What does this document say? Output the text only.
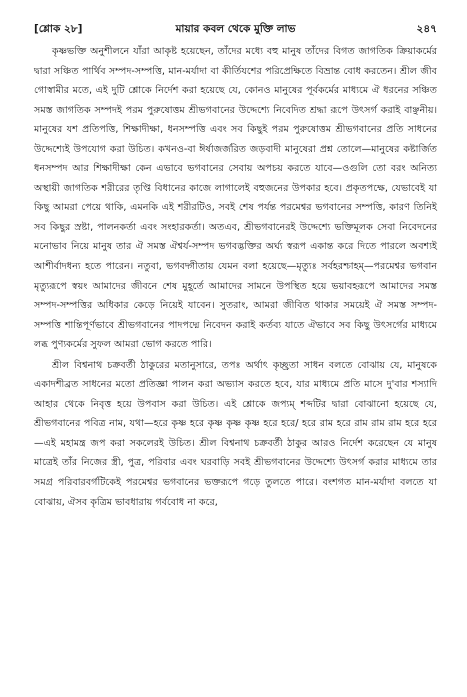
[শ্লোক ২৮]	মায়ার কবল থেকে মুক্তি লাভ	২৪৭

কৃষ্ণভক্তি অনুশীলনে যাঁরা আকৃষ্ট হয়েছেন, তাঁদের মধ্যে বহু মানুষ তাঁদের বিগত জাগতিক ক্রিয়াকর্মের দ্বারা সঞ্চিত পার্থিব সম্পদ-সম্পত্তি, মান-মর্যাদা বা কীর্তিযশের পরিপ্রেক্ষিতে বিভ্রান্ত বোধ করতেন। শ্রীল জীব গোস্বামীর মতে, এই দুটি শ্লোকে নির্দেশ করা হয়েছে যে, কোনও মানুষের পূর্বকর্মের মাধ্যমে ঐ ধরনের সঞ্চিত সমস্ত জাগতিক সম্পদই পরম পুরুষোত্তম শ্রীভগবানের উদ্দেশ্যে নিবেদিত শ্রদ্ধা রূপে উৎসর্গ করাই বাঞ্ছনীয়। মানুষের যশ প্রতিপত্তি, শিক্ষাদীক্ষা, ধনসম্পত্তি এবং সব কিছুই পরম পুরুষোত্তম শ্রীভগবানের প্রতি সাধনের উদ্দেশ্যেই উপযোগ করা উচিত। কখনও-বা ঈর্ষাজর্জরিত জড়বাদী মানুষেরা প্রশ্ন তোলে—মানুষের কষ্টার্জিত ধনসম্পদ আর শিক্ষাদীক্ষা কেন এভাবে ভগবানের সেবায় অপচয় করতে যাবে—ওগুলি তো বরং অনিত্য অস্থায়ী জাগতিক শরীরের তৃপ্তি বিধানের কাজে লাগালেই বহুজনের উপকার হবে। প্রকৃতপক্ষে, যেভাবেই যা কিছু আমরা পেয়ে থাকি, এমনকি এই শরীরটিও, সবই শেষ পর্যন্ত পরমেশ্বর ভগবানের সম্পত্তি, কারণ তিনিই সব কিছুর স্রষ্টা, পালনকর্তা এবং সংহারকর্তা। অতএব, শ্রীভগবানেরই উদ্দেশ্যে ভক্তিমূলক সেবা নিবেদনের মনোভাব নিয়ে মানুষ তার ঐ সমস্ত ঐশ্বর্য-সম্পদ ভগবদ্ভক্তির অর্ঘ্য স্বরূপ একান্ত করে দিতে পারলে অবশ্যই আশীর্বাদধন্য হতে পারেন। নতুবা, ভগবদ্গীতায় যেমন বলা হয়েছে—মৃত্যুঃ সর্বহরশ্চাহম্—পরমেশ্বর ভগবান মৃত্যুরূপে স্বয়ং আমাদের জীবনে শেষ মুহূর্তে আমাদের সামনে উপস্থিত হয়ে ভয়াবহরূপে আমাদের সমস্ত সম্পদ-সম্পত্তির অধিকার কেড়ে নিয়েই যাবেন। সুতরাং, আমরা জীবিত থাকার সময়েই ঐ সমস্ত সম্পদ-সম্পত্তি শান্তিপূর্ণভাবে শ্রীভগবানের পাদপদ্মে নিবেদন করাই কর্তব্য যাতে ঐভাবে সব কিছু উৎসর্গের মাধ্যমে লব্ধ পুণ্যকর্মের সুফল আমরা ভোগ করতে পারি।

শ্রীল বিশ্বনাথ চক্রবর্তী ঠাকুরের মতানুসারে, তপঃ অর্থাৎ কৃচ্ছ্রতা সাধন বলতে বোঝায় যে, মানুষকে একাদশীব্রত সাধনের মতো প্রতিজ্ঞা পালন করা অভ্যাস করতে হবে, যার মাধ্যমে প্রতি মাসে দু'বার শস্যাদি আহার থেকে নিবৃত্ত হয়ে উপবাস করা উচিত। এই শ্লোকে জপ্যম্ শব্দটির দ্বারা বোঝানো হয়েছে যে, শ্রীভগবানের পবিত্র নাম, যথা—হরে কৃষ্ণ হরে কৃষ্ণ কৃষ্ণ কৃষ্ণ হরে হরে/ হরে রাম হরে রাম রাম রাম হরে হরে—এই মহামন্ত্র জপ করা সকলেরই উচিত। শ্রীল বিশ্বনাথ চক্রবর্তী ঠাকুর আরও নির্দেশ করেছেন যে মানুষ মাত্রেই তাঁর নিজের স্ত্রী, পুত্র, পরিবার এবং ঘরবাড়ি সবই শ্রীভগবানের উদ্দেশ্যে উৎসর্গ করার মাধ্যমে তার সমগ্র পরিবারবর্গটিকেই পরমেশ্বর ভগবানের ভক্তরূপে গড়ে তুলতে পারে। বংশগত মান-মর্যাদা বলতে যা বোঝায়, ঐসব কৃত্রিম ভাবধারায় গর্ববোধ না করে,
